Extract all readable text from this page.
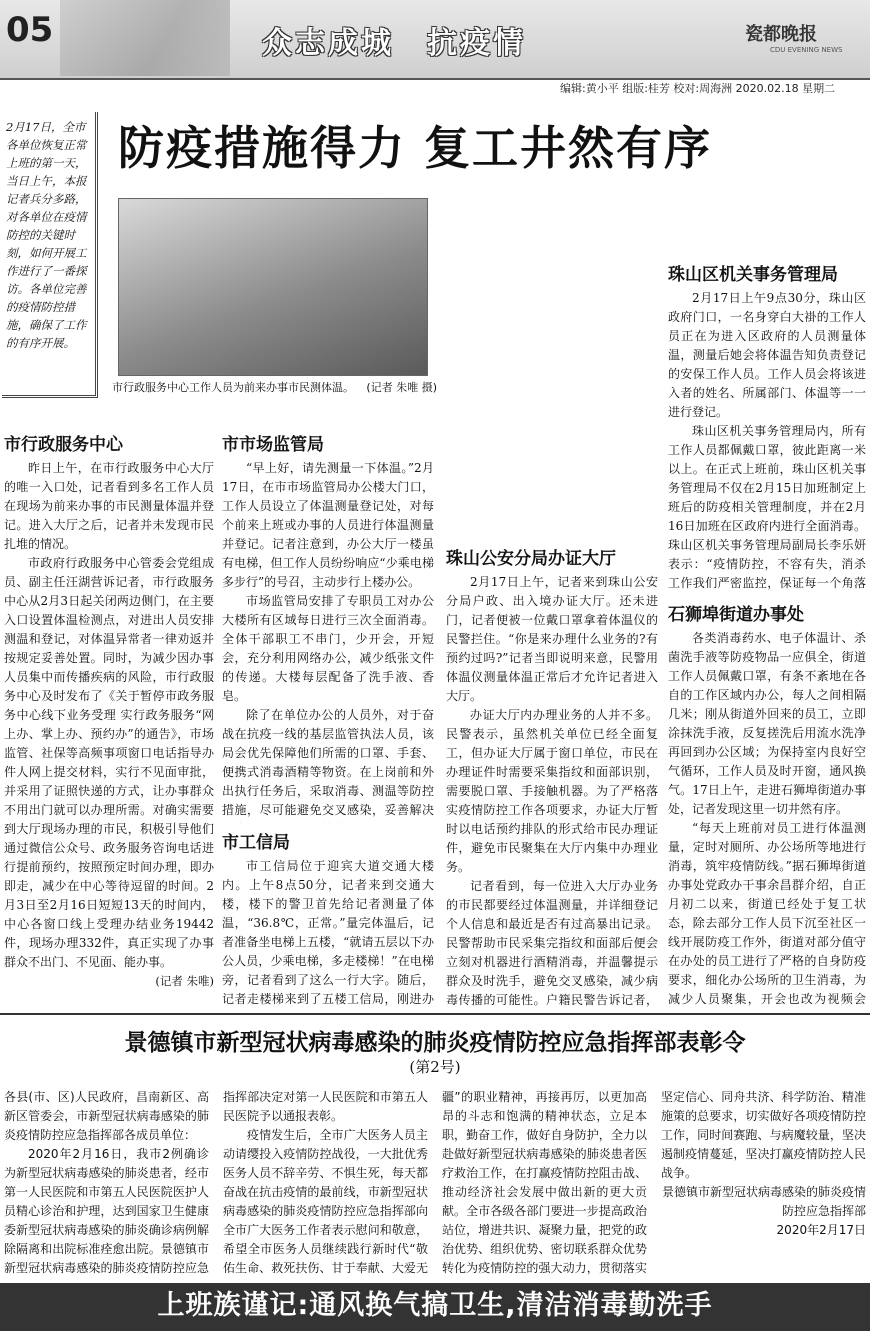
05	众志成城　抗疫情	瓷都晚报
CDU EVENING NEWS
编辑:黄小平 组版:桂芳 校对:周海洲 2020.02.18 星期二
2月17日，全市各单位恢复正常上班的第一天，当日上午，本报记者兵分多路，对各单位在疫情防控的关键时刻，如何开展工作进行了一番探访。各单位完善的疫情防控措施，确保了工作的有序开展。
防疫措施得力 复工井然有序
市行政服务中心工作人员为前来办事市民测体温。 (记者 朱唯 摄)
市行政服务中心

昨日上午，在市行政服务中心大厅的唯一入口处，记者看到多名工作人员在现场为前来办事的市民测量体温并登记。进入大厅之后，记者并未发现市民扎堆的情况。

市政府行政服务中心管委会党组成员、副主任汪湖营诉记者，市行政服务中心从2月3日起关闭两边侧门，在主要入口设置体温检测点，对进出人员安排测温和登记，对体温异常者一律劝返并按规定妥善处置。同时，为减少因办事人员集中而传播疾病的风险，市行政服务中心及时发布了《关于暂停市政务服务中心线下业务受理 实行政务服务“网上办、掌上办、预约办”的通告》，市场监管、社保等高频事项窗口电话指导办件人网上提交材料，实行不见面审批，并采用了证照快递的方式，让办事群众不用出门就可以办理所需。对确实需要到大厅现场办理的市民，积极引导他们通过微信公众号、政务服务咨询电话进行提前预约，按照预定时间办理，即办即走，减少在中心等待逗留的时间。2月3日至2月16日短短13天的时间内，中心各窗口线上受理办结业务19442件，现场办理332件，真正实现了办事群众不出门、不见面、能办事。

(记者 朱唯)
市市场监管局

“早上好，请先测量一下体温。”2月17日，在市市场监管局办公楼大门口，工作人员设立了体温测量登记处，对每个前来上班或办事的人员进行体温测量并登记。记者注意到，办公大厅一楼虽有电梯，但工作人员纷纷响应“少乘电梯多步行”的号召，主动步行上楼办公。

市场监管局安排了专职员工对办公大楼所有区域每日进行三次全面消毒。全体干部职工不串门，少开会，开短会，充分利用网络办公，减少纸张文件的传递。大楼每层配备了洗手液、香皂。

除了在单位办公的人员外，对于奋战在抗疫一线的基层监管执法人员，该局会优先保障他们所需的口罩、手套、便携式消毒酒精等物资。在上岗前和外出执行任务后，采取消毒、测温等防控措施，尽可能避免交叉感染，妥善解决

市工信局

市工信局位于迎宾大道交通大楼内。上午8点50分，记者来到交通大楼，楼下的警卫首先给记者测量了体温，“36.8℃，正常。”量完体温后，记者准备坐电梯上五楼，“就请五层以下办公人员，少乘电梯，多走楼梯！”在电梯旁，记者看到了这么一行大字。随后，记者走楼梯来到了五楼工信局，刚进办

珠山公安分局办证大厅

2月17日上午，记者来到珠山公安分局户政、出入境办证大厅。还未进门，记者便被一位戴口罩拿着体温仪的民警拦住。“你是来办理什么业务的?有预约过吗?”记者当即说明来意，民警用体温仪测量体温正常后才允许记者进入大厅。

办证大厅内办理业务的人并不多。民警表示，虽然机关单位已经全面复工，但办证大厅属于窗口单位，市民在办理证件时需要采集指纹和面部识别，需要脱口罩、手接触机器。为了严格落实疫情防控工作各项要求，办证大厅暂时以电话预约排队的形式给市民办理证件，避免市民聚集在大厅内集中办理业务。

记者看到，每一位进入大厅办业务的市民都要经过体温测量，并详细登记个人信息和最近是否有过高暴出记录。民警帮助市民采集完指纹和面部后便会立刻对机器进行酒精消毒，并温馨提示群众及时洗手，避免交叉感染，减少病毒传播的可能性。户籍民警告诉记者，

珠山区机关事务管理局

2月17日上午9点30分，珠山区政府门口，一名身穿白大褂的工作人员正在为进入区政府的人员测量体温，测量后她会将体温告知负责登记的安保工作人员。工作人员会将该进入者的姓名、所属部门、体温等一一进行登记。

珠山区机关事务管理局内，所有工作人员都佩戴口罩，彼此距离一米以上。在正式上班前，珠山区机关事务管理局不仅在2月15日加班制定上班后的防疫相关管理制度，并在2月16日加班在区政府内进行全面消毒。珠山区机关事务管理局副局长李乐妍表示：“疫情防控，不容有失，消杀工作我们严密监控，保证每一个角落

石狮埠街道办事处

各类消毒药水、电子体温计、杀菌洗手液等防疫物品一应俱全，街道工作人员佩戴口罩，有条不紊地在各自的工作区域内办公，每人之间相隔几米；刚从街道外回来的员工，立即涂抹洗手液，反复搓洗后用流水洗净再回到办公区域；为保持室内良好空气循环，工作人员及时开窗，通风换气。17日上午，走进石狮埠街道办事处，记者发现这里一切井然有序。

“每天上班前对员工进行体温测量，定时对厕所、办公场所等地进行消毒，筑牢疫情防线。”据石狮埠街道办事处党政办干事余昌群介绍，自正月初二以来，街道已经处于复工状态，除去部分工作人员下沉至社区一线开展防疫工作外，街道对部分值守在办处的员工进行了严格的自身防疫要求，细化办公场所的卫生消毒，为减少人员聚集，开会也改为视频会

景德镇市新型冠状病毒感染的肺炎疫情防控应急指挥部表彰令
(第2号)

各县(市、区)人民政府，昌南新区、高新区管委会，市新型冠状病毒感染的肺炎疫情防控应急指挥部各成员单位：

2020年2月16日，我市2例确诊为新型冠状病毒感染的肺炎患者，经市第一人民医院和市第五人民医院医护人员精心诊治和护理，达到国家卫生健康委新型冠状病毒感染的肺炎确诊病例解除隔离和出院标准痊愈出院。景德镇市新型冠状病毒感染的肺炎疫情防控应急指挥部决定对第一人民医院和市第五人民医院予以通报表彰。

疫情发生后，全市广大医务人员主动请缨投入疫情防控战役，一大批优秀医务人员不辞辛劳、不惧生死，每天都奋战在抗击疫情的最前线，市新型冠状病毒感染的肺炎疫情防控应急指挥部向全市广大医务工作者表示慰问和敬意，希望全市医务人员继续践行新时代“敬佑生命、救死扶伤、甘于奉献、大爱无疆”的职业精神，再接再厉，以更加高昂的斗志和饱满的精神状态，立足本职，勤奋工作，做好自身防护，全力以赴做好新型冠状病毒感染的肺炎患者医疗救治工作，在打赢疫情防控阻击战、推动经济社会发展中做出新的更大贡献。全市各级各部门要进一步提高政治站位，增进共识、凝聚力量，把党的政治优势、组织优势、密切联系群众优势转化为疫情防控的强大动力，贯彻落实坚定信心、同舟共济、科学防治、精准施策的总要求，切实做好各项疫情防控工作，同时间赛跑、与病魔较量，坚决遏制疫情蔓延，坚决打赢疫情防控人民战争。

景德镇市新型冠状病毒感染的肺炎疫情防控应急指挥部
2020年2月17日
上班族谨记:通风换气搞卫生,清洁消毒勤洗手
